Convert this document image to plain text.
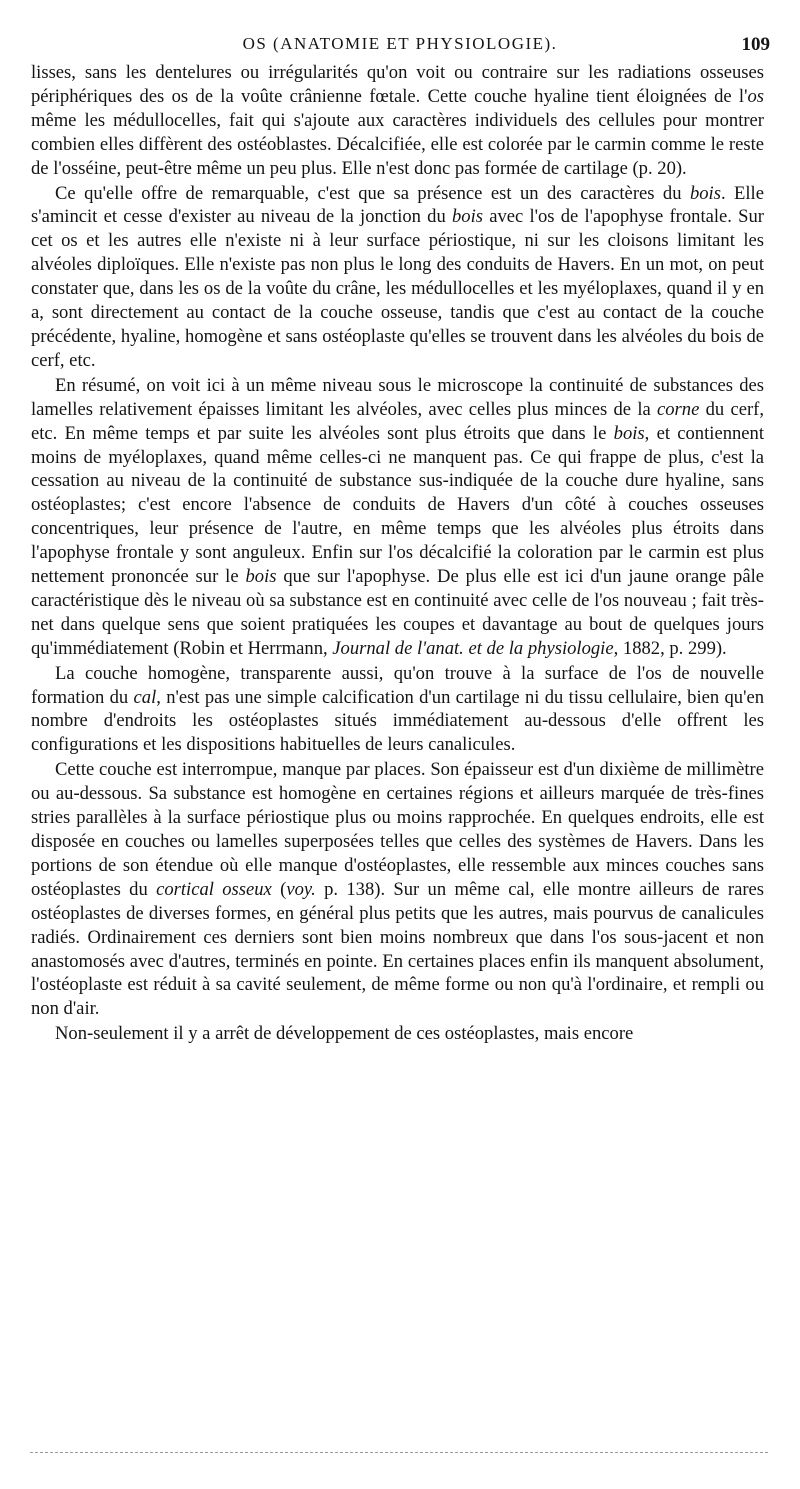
OS (ANATOMIE ET PHYSIOLOGIE).	109

lisses, sans les dentelures ou irrégularités qu'on voit ou contraire sur les radiations osseuses périphériques des os de la voûte crânienne fœtale. Cette couche hyaline tient éloignées de l'os même les médullocelles, fait qui s'ajoute aux caractères individuels des cellules pour montrer combien elles diffèrent des ostéoblastes. Décalcifiée, elle est colorée par le carmin comme le reste de l'osséine, peut-être même un peu plus. Elle n'est donc pas formée de cartilage (p. 20).

Ce qu'elle offre de remarquable, c'est que sa présence est un des caractères du bois. Elle s'amincit et cesse d'exister au niveau de la jonction du bois avec l'os de l'apophyse frontale. Sur cet os et les autres elle n'existe ni à leur surface périostique, ni sur les cloisons limitant les alvéoles diploïques. Elle n'existe pas non plus le long des conduits de Havers. En un mot, on peut constater que, dans les os de la voûte du crâne, les médullocelles et les myéloplaxes, quand il y en a, sont directement au contact de la couche osseuse, tandis que c'est au contact de la couche précédente, hyaline, homogène et sans ostéoplaste qu'elles se trouvent dans les alvéoles du bois de cerf, etc.

En résumé, on voit ici à un même niveau sous le microscope la continuité de substances des lamelles relativement épaisses limitant les alvéoles, avec celles plus minces de la corne du cerf, etc. En même temps et par suite les alvéoles sont plus étroits que dans le bois, et contiennent moins de myéloplaxes, quand même celles-ci ne manquent pas. Ce qui frappe de plus, c'est la cessation au niveau de la continuité de substance sus-indiquée de la couche dure hyaline, sans ostéoplastes; c'est encore l'absence de conduits de Havers d'un côté à couches osseuses concentriques, leur présence de l'autre, en même temps que les alvéoles plus étroits dans l'apophyse frontale y sont anguleux. Enfin sur l'os décalcifié la coloration par le carmin est plus nettement prononcée sur le bois que sur l'apophyse. De plus elle est ici d'un jaune orange pâle caractéristique dès le niveau où sa substance est en continuité avec celle de l'os nouveau ; fait très-net dans quelque sens que soient pratiquées les coupes et davantage au bout de quelques jours qu'immédiatement (Robin et Herrmann, Journal de l'anat. et de la physiologie, 1882, p. 299).

La couche homogène, transparente aussi, qu'on trouve à la surface de l'os de nouvelle formation du cal, n'est pas une simple calcification d'un cartilage ni du tissu cellulaire, bien qu'en nombre d'endroits les ostéoplastes situés immédiatement au-dessous d'elle offrent les configurations et les dispositions habituelles de leurs canalicules.

Cette couche est interrompue, manque par places. Son épaisseur est d'un dixième de millimètre ou au-dessous. Sa substance est homogène en certaines régions et ailleurs marquée de très-fines stries parallèles à la surface périostique plus ou moins rapprochée. En quelques endroits, elle est disposée en couches ou lamelles superposées telles que celles des systèmes de Havers. Dans les portions de son étendue où elle manque d'ostéoplastes, elle ressemble aux minces couches sans ostéoplastes du cortical osseux (voy. p. 138). Sur un même cal, elle montre ailleurs de rares ostéoplastes de diverses formes, en général plus petits que les autres, mais pourvus de canalicules radiés. Ordinairement ces derniers sont bien moins nombreux que dans l'os sous-jacent et non anastomosés avec d'autres, terminés en pointe. En certaines places enfin ils manquent absolument, l'ostéoplaste est réduit à sa cavité seulement, de même forme ou non qu'à l'ordinaire, et rempli ou non d'air.

Non-seulement il y a arrêt de développement de ces ostéoplastes, mais encore
